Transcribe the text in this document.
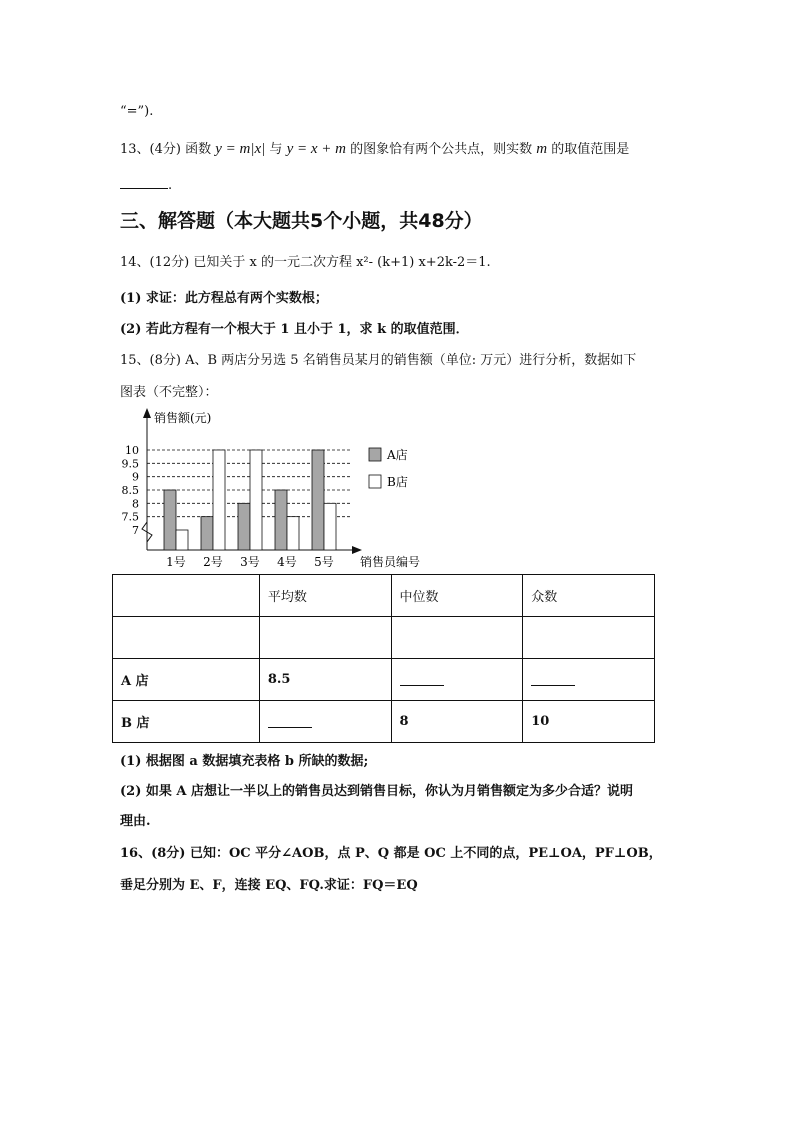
“=”).
13、(4分) 函数 y = m|x| 与 y = x + m 的图象恰有两个公共点，则实数 m 的取值范围是
.
三、解答题（本大题共5个小题，共48分）
14、(12分) 已知关于 x 的一元二次方程 x²- (k+1) x+2k-2＝1.
(1) 求证：此方程总有两个实数根；
(2) 若此方程有一个根大于 1 且小于 1，求 k 的取值范围．
15、(8分) A、B 两店分另选 5 名销售员某月的销售额（单位: 万元）进行分析，数据如下
图表（不完整）：
销售额(元)
销售员编号
7
7.5
8
8.5
9
9.5
10
1号 2号 3号 4号 5号
A店
B店
	平均数	中位数	众数

A 店	8.5		
B 店		8	10
(1) 根据图 a 数据填充表格 b 所缺的数据;
(2) 如果 A 店想让一半以上的销售员达到销售目标，你认为月销售额定为多少合适？说明
理由.
16、(8分) 已知：OC 平分∠AOB，点 P、Q 都是 OC 上不同的点，PE⊥OA，PF⊥OB，
垂足分别为 E、F，连接 EQ、FQ.求证：FQ＝EQ
